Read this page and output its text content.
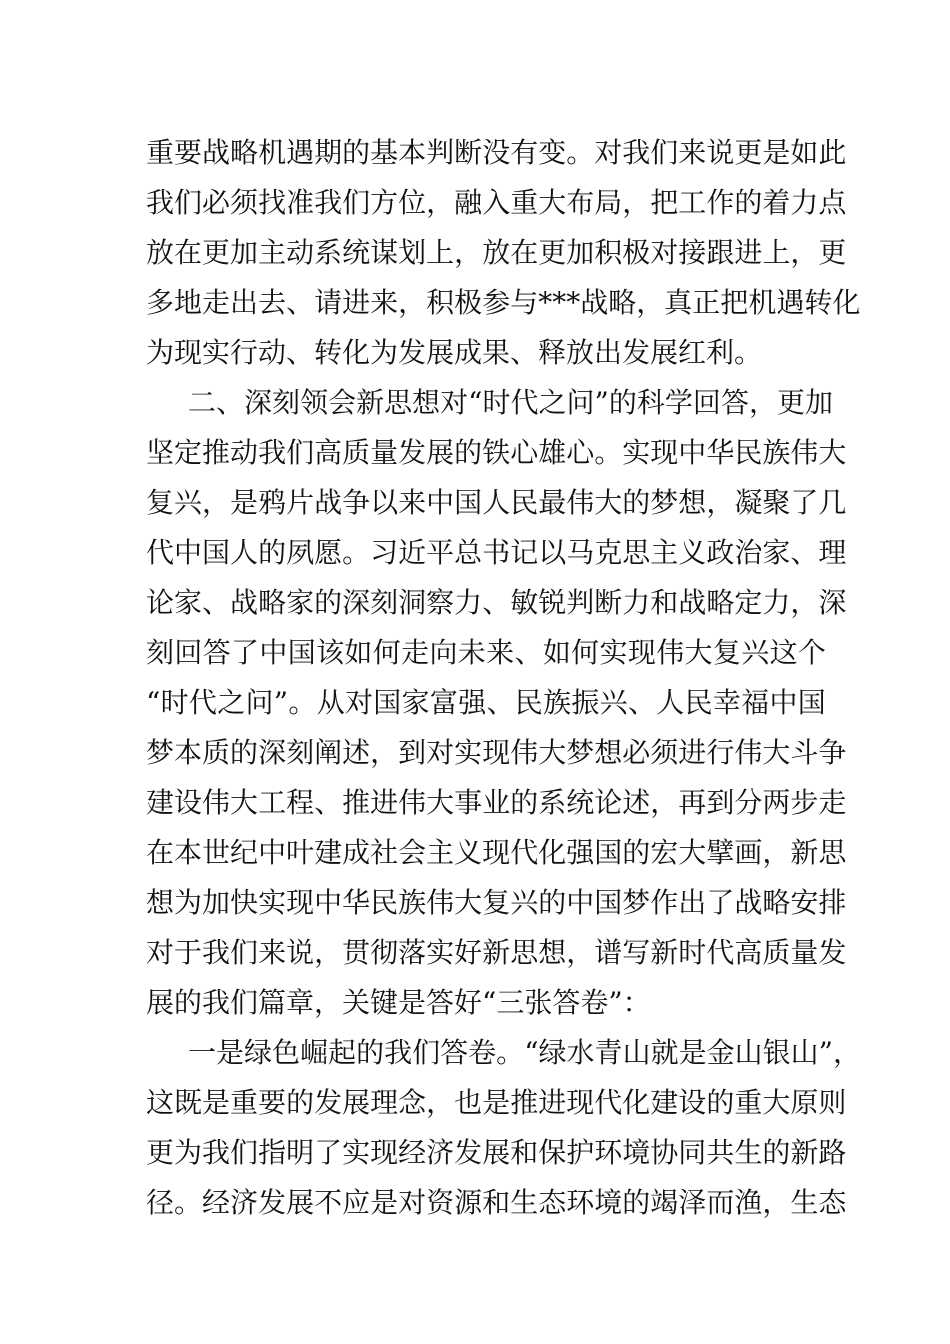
重 要 战 略 机 遇 期 的 基 本 判 断 没 有 变 。 对 我 们 来 说 更 是 如 此
我 们 必 须 找 准 我 们 方 位 ， 融 入 重 大 布 局 ， 把 工 作 的 着 力 点
放 在 更 加 主 动 系 统 谋 划 上 ， 放 在 更 加 积 极 对 接 跟 进 上 ， 更
多 地 走 出 去 、 请 进 来 ， 积 极 参 与 * * * 战 略 ， 真 正 把 机 遇 转 化
为现实行动、转化为发展成果、释放出发展红利。
二 、 深 刻 领 会 新 思 想 对 “ 时 代 之 问 ” 的 科 学 回 答 ， 更 加
坚 定 推 动 我 们 高 质 量 发 展 的 铁 心 雄 心 。 实 现 中 华 民 族 伟 大
复 兴 ， 是 鸦 片 战 争 以 来 中 国 人 民 最 伟 大 的 梦 想 ， 凝 聚 了 几
代 中 国 人 的 夙 愿 。 习 近 平 总 书 记 以 马 克 思 主 义 政 治 家 、 理
论 家 、 战 略 家 的 深 刻 洞 察 力 、 敏 锐 判 断 力 和 战 略 定 力 ， 深
刻 回 答 了 中 国 该 如 何 走 向 未 来 、 如 何 实 现 伟 大 复 兴 这 个
“ 时 代 之 问 ” 。 从 对 国 家 富 强 、 民 族 振 兴 、 人 民 幸 福 中 国
梦 本 质 的 深 刻 阐 述 ， 到 对 实 现 伟 大 梦 想 必 须 进 行 伟 大 斗 争
建 设 伟 大 工 程 、 推 进 伟 大 事 业 的 系 统 论 述 ， 再 到 分 两 步 走
在 本 世 纪 中 叶 建 成 社 会 主 义 现 代 化 强 国 的 宏 大 擘 画 ， 新 思
想 为 加 快 实 现 中 华 民 族 伟 大 复 兴 的 中 国 梦 作 出 了 战 略 安 排
对 于 我 们 来 说 ， 贯 彻 落 实 好 新 思 想 ， 谱 写 新 时 代 高 质 量 发
展的我们篇章，关键是答好“三张答卷”：
一 是 绿 色 崛 起 的 我 们 答 卷 。 “ 绿 水 青 山 就 是 金 山 银 山 ” ，
这 既 是 重 要 的 发 展 理 念 ， 也 是 推 进 现 代 化 建 设 的 重 大 原 则
更 为 我 们 指 明 了 实 现 经 济 发 展 和 保 护 环 境 协 同 共 生 的 新 路
径 。 经 济 发 展 不 应 是 对 资 源 和 生 态 环 境 的 竭 泽 而 渔 ， 生 态
